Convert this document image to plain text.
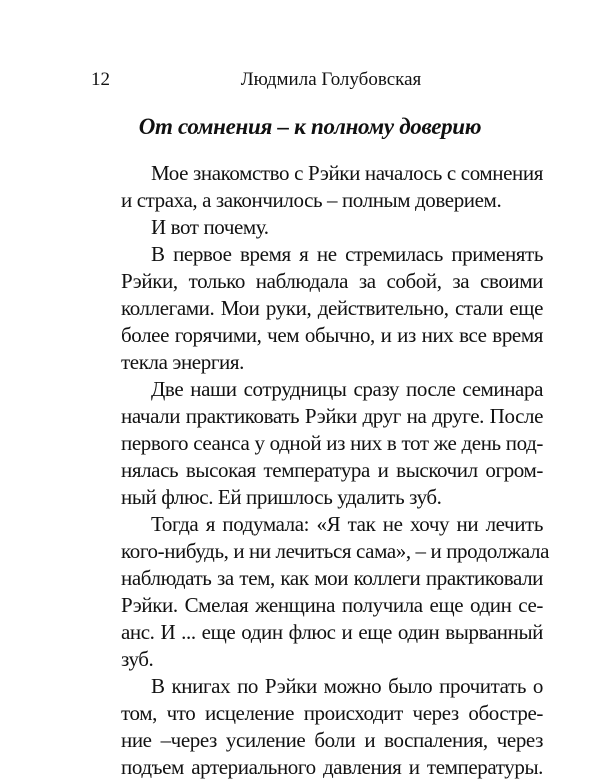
12	Людмила Голубовская
От сомнения – к полному доверию

Мое знакомство с Рэйки началось с сомнения
и страха, а закончилось – полным доверием.

И вот почему.

В первое время я не стремилась применять
Рэйки, только наблюдала за собой, за своими
коллегами. Мои руки, действительно, стали еще
более горячими, чем обычно, и из них все время
текла энергия.

Две наши сотрудницы сразу после семинара
начали практиковать Рэйки друг на друге. После
первого сеанса у одной из них в тот же день под-
нялась высокая температура и выскочил огром-
ный флюс. Ей пришлось удалить зуб.

Тогда я подумала: «Я так не хочу ни лечить
кого-нибудь, и ни лечиться сама», – и продолжала
наблюдать за тем, как мои коллеги практиковали
Рэйки. Смелая женщина получила еще один се-
анс. И ... еще один флюс и еще один вырванный
зуб.

В книгах по Рэйки можно было прочитать о
том, что исцеление происходит через обостре-
ние –через усиление боли и воспаления, через
подъем артериального давления и температуры.
